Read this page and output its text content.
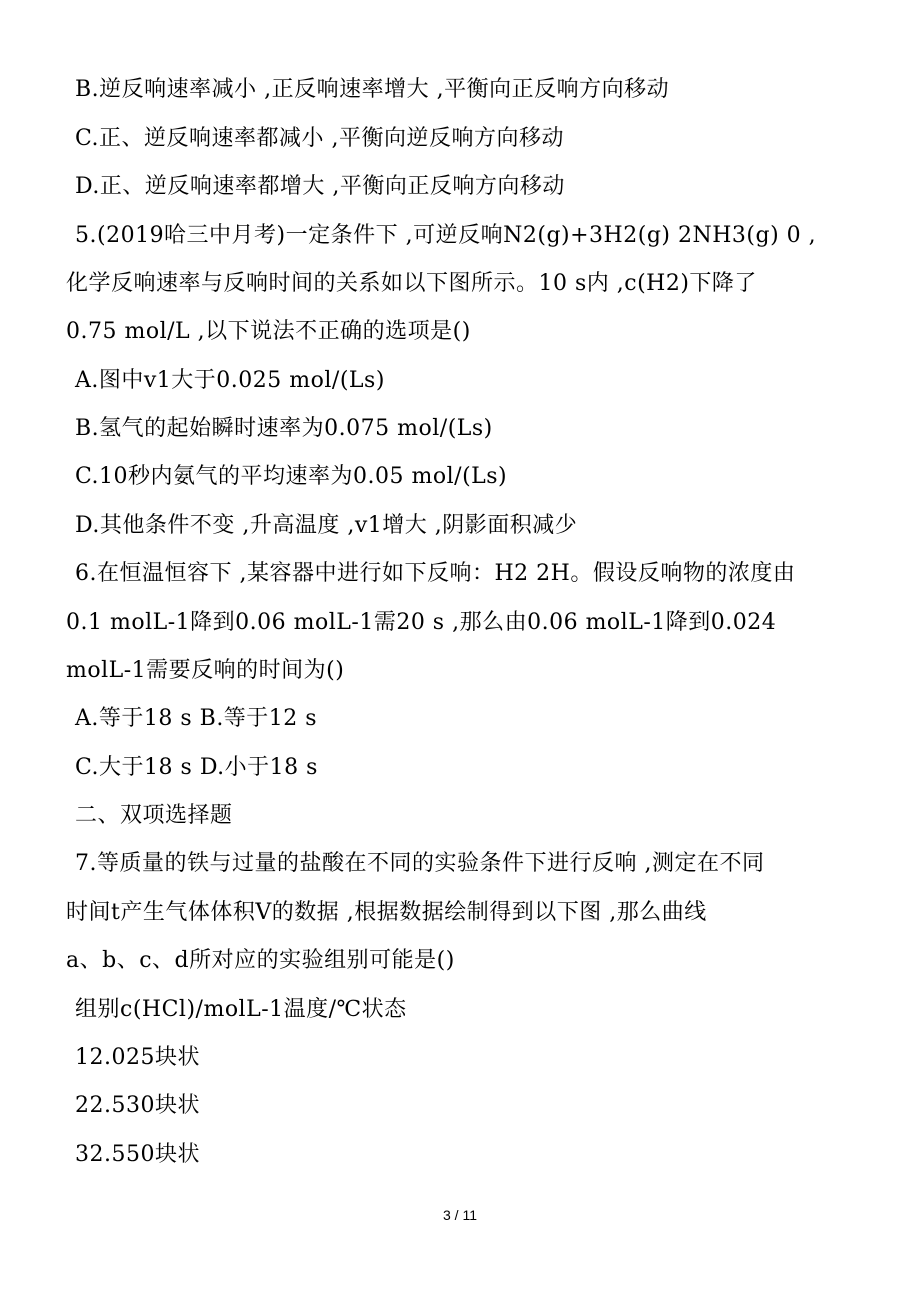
B.逆反响速率减小 ,正反响速率增大 ,平衡向正反响方向移动
C.正、逆反响速率都减小 ,平衡向逆反响方向移动
D.正、逆反响速率都增大 ,平衡向正反响方向移动
5.(2019哈三中月考)一定条件下 ,可逆反响N2(g)+3H2(g) 2NH3(g) 0 ,
化学反响速率与反响时间的关系如以下图所示。10 s内 ,c(H2)下降了
0.75 mol/L ,以下说法不正确的选项是()
A.图中v1大于0.025 mol/(Ls)
B.氢气的起始瞬时速率为0.075 mol/(Ls)
C.10秒内氨气的平均速率为0.05 mol/(Ls)
D.其他条件不变 ,升高温度 ,v1增大 ,阴影面积减少
6.在恒温恒容下 ,某容器中进行如下反响：H2 2H。假设反响物的浓度由
0.1 molL-1降到0.06 molL-1需20 s ,那么由0.06 molL-1降到0.024
molL-1需要反响的时间为()
A.等于18 s B.等于12 s
C.大于18 s D.小于18 s
二、双项选择题
7.等质量的铁与过量的盐酸在不同的实验条件下进行反响 ,测定在不同
时间t产生气体体积V的数据 ,根据数据绘制得到以下图 ,那么曲线
a、b、c、d所对应的实验组别可能是()
组别c(HCl)/molL-1温度/℃状态
12.025块状
22.530块状
32.550块状
3 / 11
